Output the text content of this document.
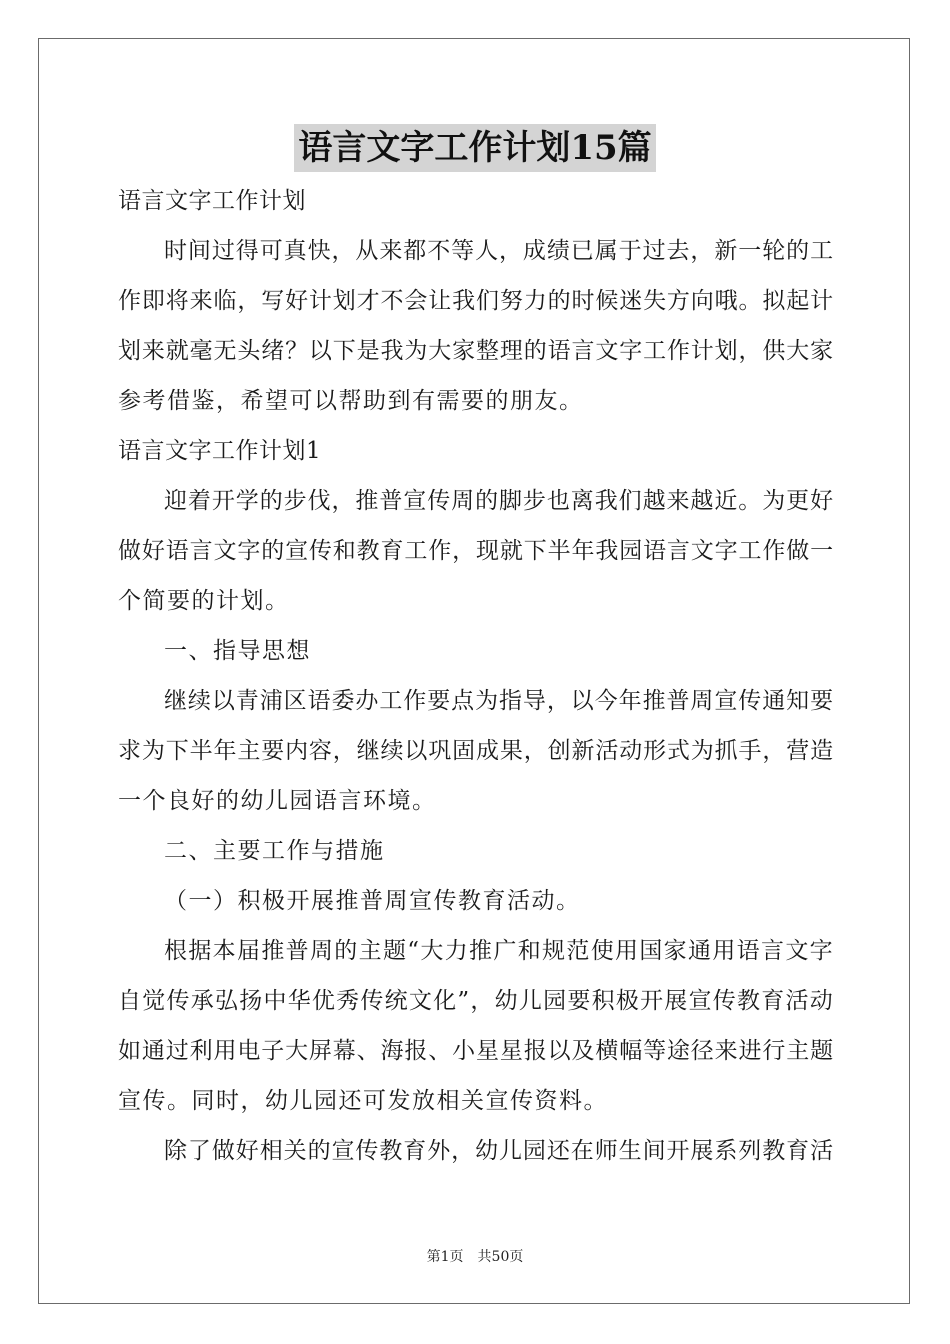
语言文字工作计划15篇
语言文字工作计划
时间过得可真快，从来都不等人，成绩已属于过去，新一轮的工
作即将来临，写好计划才不会让我们努力的时候迷失方向哦。拟起计
划来就毫无头绪？以下是我为大家整理的语言文字工作计划，供大家
参考借鉴，希望可以帮助到有需要的朋友。
语言文字工作计划1
迎着开学的步伐，推普宣传周的脚步也离我们越来越近。为更好
做好语言文字的宣传和教育工作，现就下半年我园语言文字工作做一
个简要的计划。
一、指导思想
继续以青浦区语委办工作要点为指导，以今年推普周宣传通知要
求为下半年主要内容，继续以巩固成果，创新活动形式为抓手，营造
一个良好的幼儿园语言环境。
二、主要工作与措施
（一）积极开展推普周宣传教育活动。
根据本届推普周的主题“大力推广和规范使用国家通用语言文字
自觉传承弘扬中华优秀传统文化”，幼儿园要积极开展宣传教育活动
如通过利用电子大屏幕、海报、小星星报以及横幅等途径来进行主题
宣传。同时，幼儿园还可发放相关宣传资料。
除了做好相关的宣传教育外，幼儿园还在师生间开展系列教育活
第1页　共50页
